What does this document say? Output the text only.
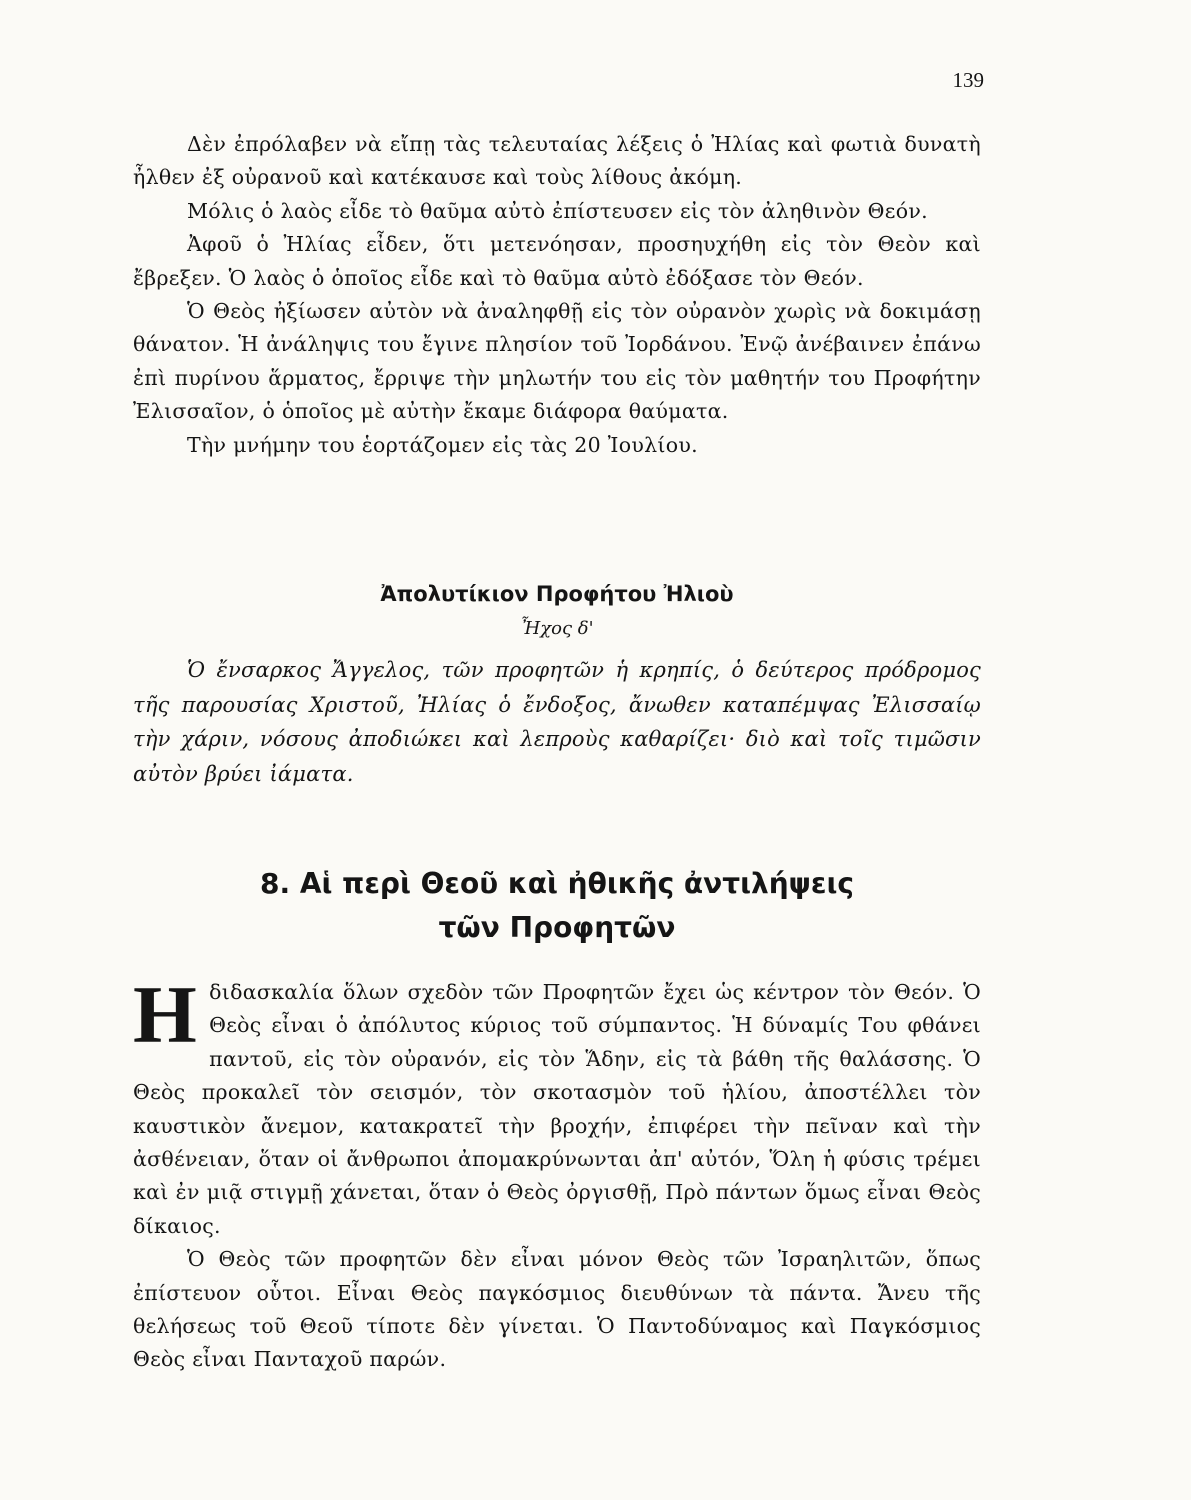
139

Δὲν ἐπρόλαβεν νὰ εἴπῃ τὰς τελευταίας λέξεις ὁ Ἠλίας καὶ φωτιὰ δυνατὴ ἦλθεν ἐξ οὐρανοῦ καὶ κατέκαυσε καὶ τοὺς λίθους ἀκόμη.

Μόλις ὁ λαὸς εἶδε τὸ θαῦμα αὐτὸ ἐπίστευσεν εἰς τὸν ἀληθινὸν Θεόν.

Ἀφοῦ ὁ Ἠλίας εἶδεν, ὅτι μετενόησαν, προσηυχήθη εἰς τὸν Θεὸν καὶ ἔβρεξεν. Ὁ λαὸς ὁ ὁποῖος εἶδε καὶ τὸ θαῦμα αὐτὸ ἐδόξασε τὸν Θεόν.

Ὁ Θεὸς ἠξίωσεν αὐτὸν νὰ ἀναληφθῇ εἰς τὸν οὐρανὸν χωρὶς νὰ δοκιμάσῃ θάνατον. Ἡ ἀνάληψις του ἔγινε πλησίον τοῦ Ἰορδάνου. Ἐνῷ ἀνέβαινεν ἐπάνω ἐπὶ πυρίνου ἅρματος, ἔρριψε τὴν μηλωτήν του εἰς τὸν μαθητήν του Προφήτην Ἐλισσαῖον, ὁ ὁποῖος μὲ αὐτὴν ἔκαμε διάφορα θαύματα.

Τὴν μνήμην του ἑορτάζομεν εἰς τὰς 20 Ἰουλίου.

Ἀπολυτίκιον Προφήτου Ἠλιοὺ

Ἦχος δ'

Ὁ ἔνσαρκος Ἄγγελος, τῶν προφητῶν ἡ κρηπίς, ὁ δεύτερος πρόδρομος τῆς παρουσίας Χριστοῦ, Ἠλίας ὁ ἔνδοξος, ἄνωθεν καταπέμψας Ἐλισσαίῳ τὴν χάριν, νόσους ἀποδιώκει καὶ λεπροὺς καθαρίζει· διὸ καὶ τοῖς τιμῶσιν αὐτὸν βρύει ἰάματα.

8. Αἱ περὶ Θεοῦ καὶ ἠθικῆς ἀντιλήψεις

τῶν Προφητῶν

Η διδασκαλία ὅλων σχεδὸν τῶν Προφητῶν ἔχει ὡς κέντρον τὸν Θεόν. Ὁ Θεὸς εἶναι ὁ ἀπόλυτος κύριος τοῦ σύμπαντος. Ἡ δύναμίς Του φθάνει παντοῦ, εἰς τὸν οὐρανόν, εἰς τὸν Ἅδην, εἰς τὰ βάθη τῆς θαλάσσης. Ὁ Θεὸς προκαλεῖ τὸν σεισμόν, τὸν σκοτασμὸν τοῦ ἡλίου, ἀποστέλλει τὸν καυστικὸν ἄνεμον, κατακρατεῖ τὴν βροχήν, ἐπιφέρει τὴν πεῖναν καὶ τὴν ἀσθένειαν, ὅταν οἱ ἄνθρωποι ἀπομακρύνωνται ἀπ' αὐτόν, Ὅλη ἡ φύσις τρέμει καὶ ἐν μιᾷ στιγμῇ χάνεται, ὅταν ὁ Θεὸς ὀργισθῇ, Πρὸ πάντων ὅμως εἶναι Θεὸς δίκαιος.

Ὁ Θεὸς τῶν προφητῶν δὲν εἶναι μόνον Θεὸς τῶν Ἰσραηλιτῶν, ὅπως ἐπίστευον οὗτοι. Εἶναι Θεὸς παγκόσμιος διευθύνων τὰ πάντα. Ἄνευ τῆς θελήσεως τοῦ Θεοῦ τίποτε δὲν γίνεται. Ὁ Παντοδύναμος καὶ Παγκόσμιος Θεὸς εἶναι Πανταχοῦ παρών.
